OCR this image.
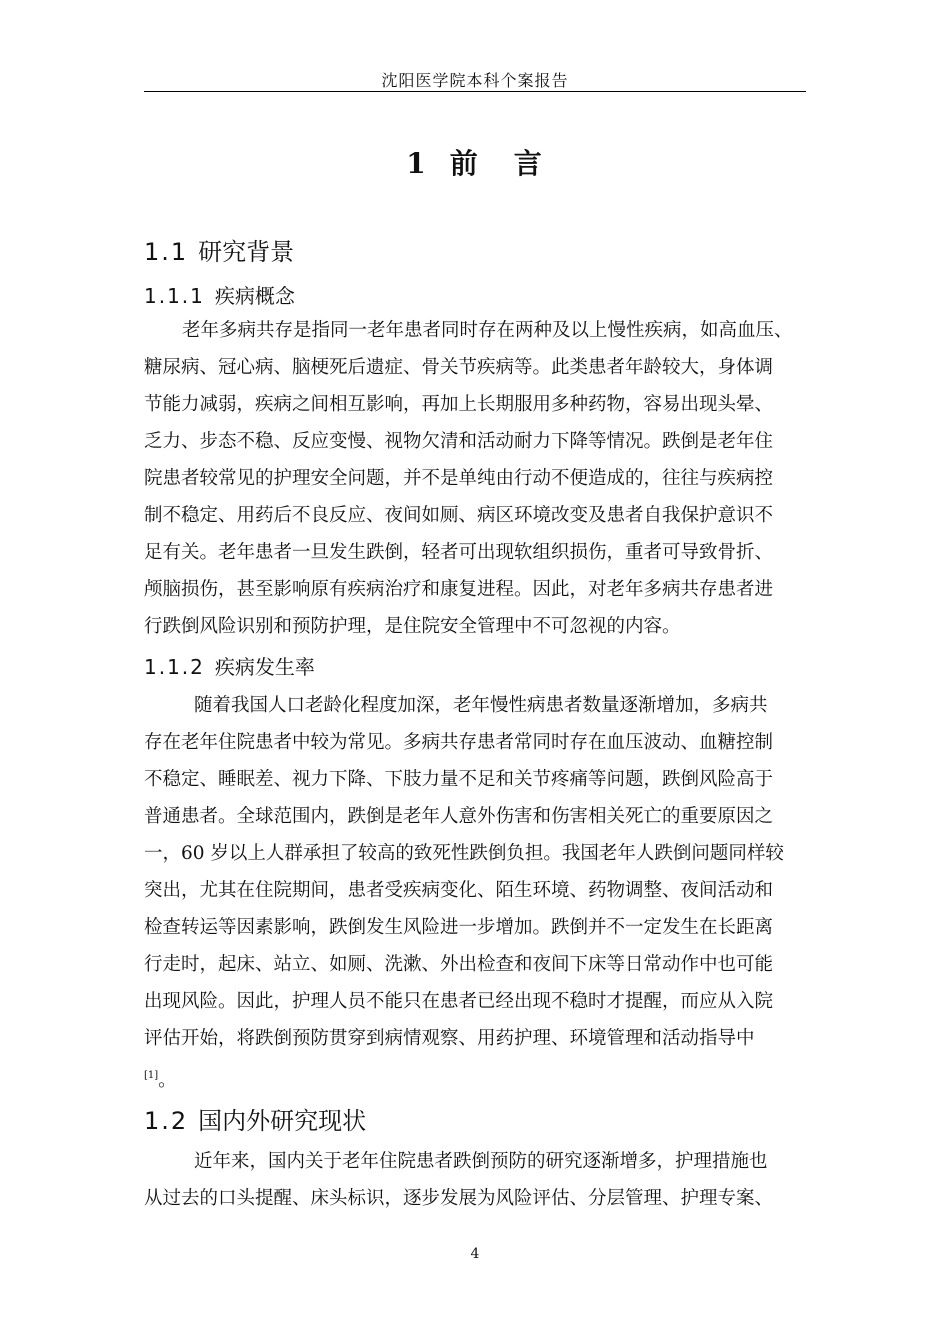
沈阳医学院本科个案报告
1 前 言
1.1 研究背景
1.1.1 疾病概念
老年多病共存是指同一老年患者同时存在两种及以上慢性疾病，如高血压、
糖尿病、冠心病、脑梗死后遗症、骨关节疾病等。此类患者年龄较大，身体调
节能力减弱，疾病之间相互影响，再加上长期服用多种药物，容易出现头晕、
乏力、步态不稳、反应变慢、视物欠清和活动耐力下降等情况。跌倒是老年住
院患者较常见的护理安全问题，并不是单纯由行动不便造成的，往往与疾病控
制不稳定、用药后不良反应、夜间如厕、病区环境改变及患者自我保护意识不
足有关。老年患者一旦发生跌倒，轻者可出现软组织损伤，重者可导致骨折、
颅脑损伤，甚至影响原有疾病治疗和康复进程。因此，对老年多病共存患者进
行跌倒风险识别和预防护理，是住院安全管理中不可忽视的内容。
1.1.2 疾病发生率
随着我国人口老龄化程度加深，老年慢性病患者数量逐渐增加，多病共
存在老年住院患者中较为常见。多病共存患者常同时存在血压波动、血糖控制
不稳定、睡眠差、视力下降、下肢力量不足和关节疼痛等问题，跌倒风险高于
普通患者。全球范围内，跌倒是老年人意外伤害和伤害相关死亡的重要原因之
一，60 岁以上人群承担了较高的致死性跌倒负担。我国老年人跌倒问题同样较
突出，尤其在住院期间，患者受疾病变化、陌生环境、药物调整、夜间活动和
检查转运等因素影响，跌倒发生风险进一步增加。跌倒并不一定发生在长距离
行走时，起床、站立、如厕、洗漱、外出检查和夜间下床等日常动作中也可能
出现风险。因此，护理人员不能只在患者已经出现不稳时才提醒，而应从入院
评估开始，将跌倒预防贯穿到病情观察、用药护理、环境管理和活动指导中
[1]。
1.2 国内外研究现状
近年来，国内关于老年住院患者跌倒预防的研究逐渐增多，护理措施也
从过去的口头提醒、床头标识，逐步发展为风险评估、分层管理、护理专案、
4
